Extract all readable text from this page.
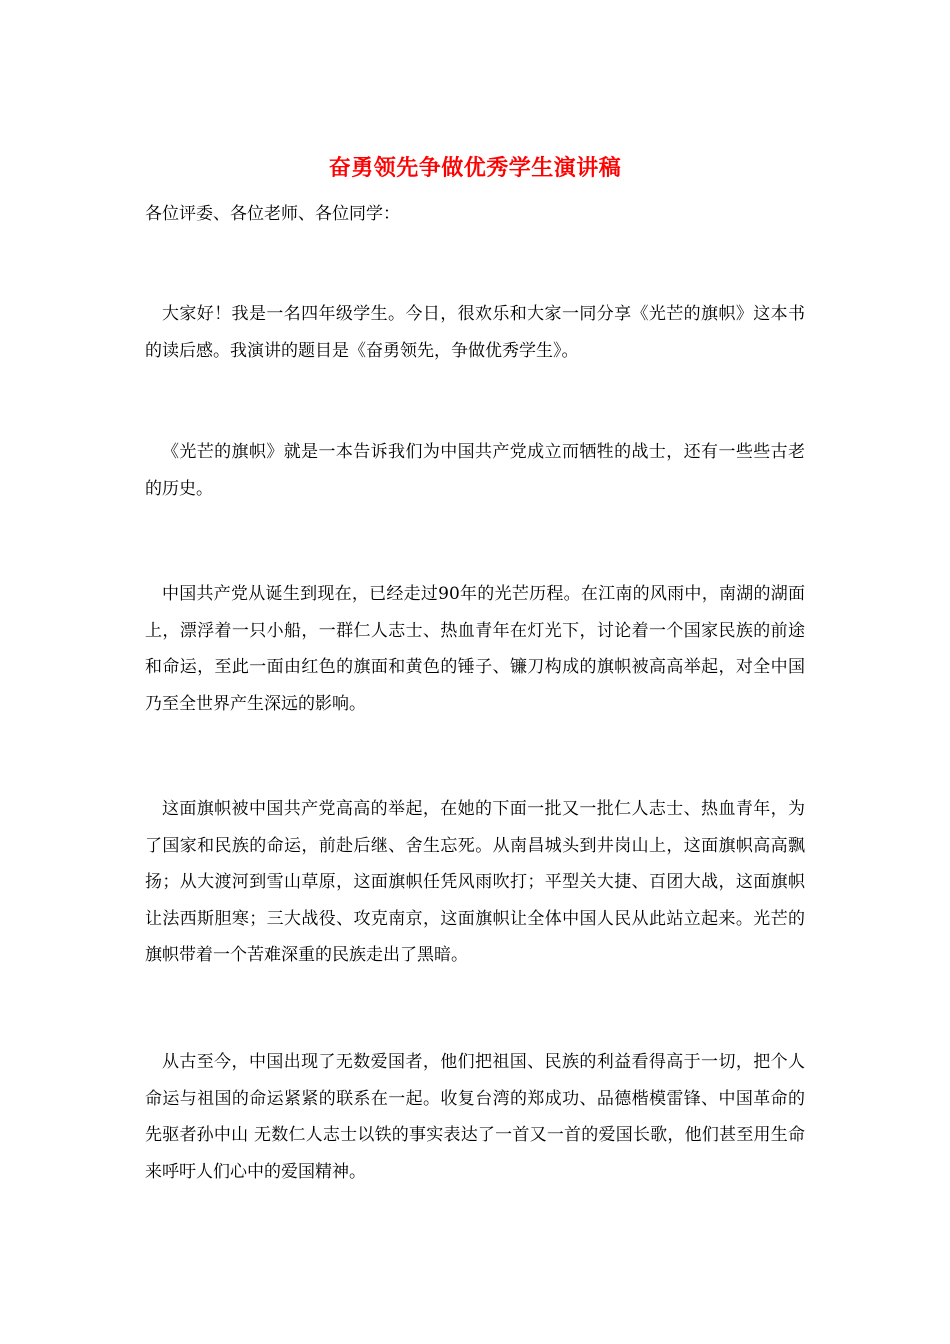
奋勇领先争做优秀学生演讲稿
各位评委、各位老师、各位同学：

大家好！我是一名四年级学生。今日，很欢乐和大家一同分享《光芒的旗帜》这本书的读后感。我演讲的题目是《奋勇领先，争做优秀学生》。

《光芒的旗帜》就是一本告诉我们为中国共产党成立而牺牲的战士，还有一些些古老的历史。

中国共产党从诞生到现在，已经走过90年的光芒历程。在江南的风雨中，南湖的湖面上，漂浮着一只小船，一群仁人志士、热血青年在灯光下，讨论着一个国家民族的前途和命运，至此一面由红色的旗面和黄色的锤子、镰刀构成的旗帜被高高举起，对全中国乃至全世界产生深远的影响。

这面旗帜被中国共产党高高的举起，在她的下面一批又一批仁人志士、热血青年，为了国家和民族的命运，前赴后继、舍生忘死。从南昌城头到井岗山上，这面旗帜高高飘扬；从大渡河到雪山草原，这面旗帜任凭风雨吹打；平型关大捷、百团大战，这面旗帜让法西斯胆寒；三大战役、攻克南京，这面旗帜让全体中国人民从此站立起来。光芒的旗帜带着一个苦难深重的民族走出了黑暗。

从古至今，中国出现了无数爱国者，他们把祖国、民族的利益看得高于一切，把个人命运与祖国的命运紧紧的联系在一起。收复台湾的郑成功、品德楷模雷锋、中国革命的先驱者孙中山 无数仁人志士以铁的事实表达了一首又一首的爱国长歌，他们甚至用生命来呼吁人们心中的爱国精神。
